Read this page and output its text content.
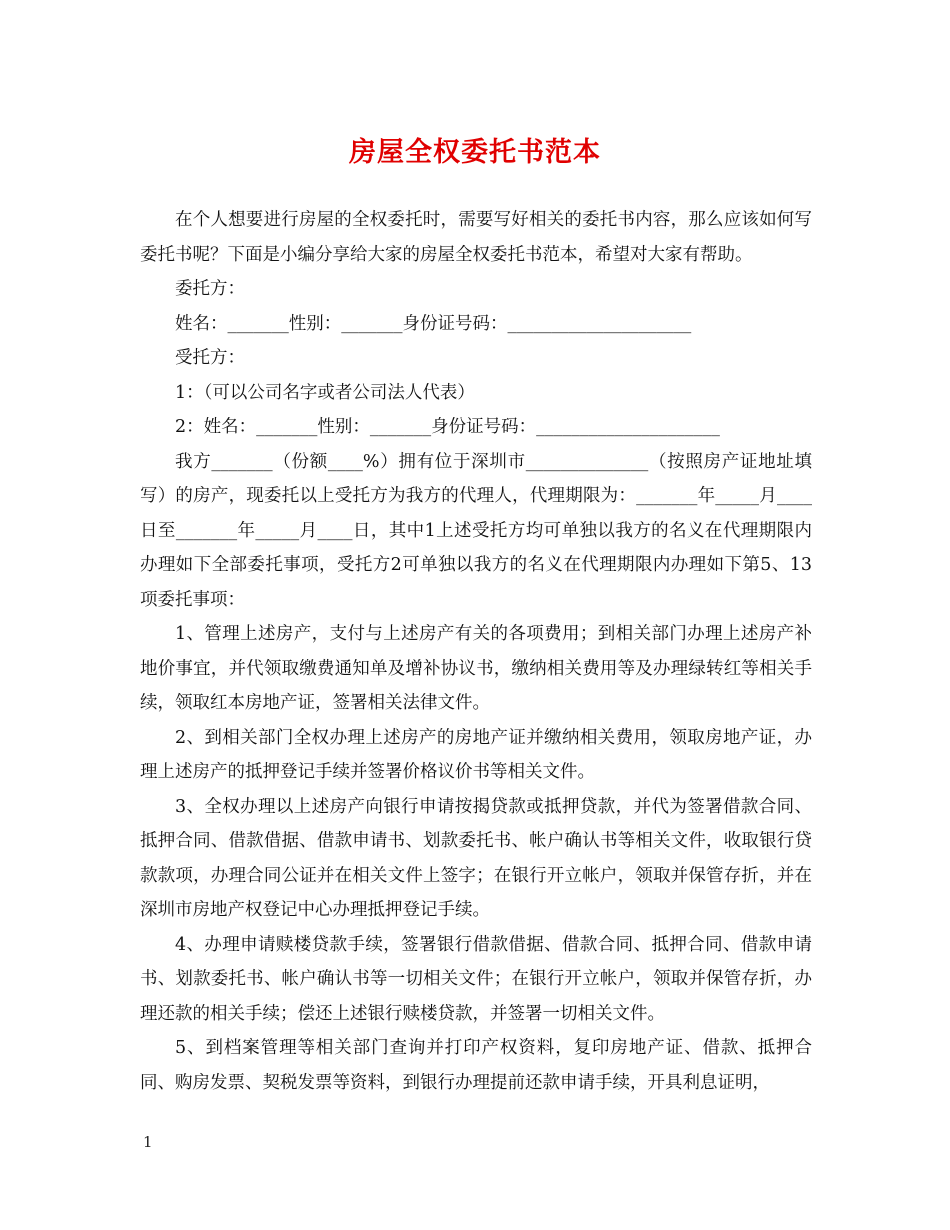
房屋全权委托书范本

在个人想要进行房屋的全权委托时，需要写好相关的委托书内容，那么应该如何写委托书呢？下面是小编分享给大家的房屋全权委托书范本，希望对大家有帮助。

委托方：

姓名：_______性别：_______身份证号码：_____________________

受托方：

1：（可以公司名字或者公司法人代表）

2：姓名：_______性别：_______身份证号码：_____________________

我方_______（份额____%）拥有位于深圳市______________（按照房产证地址填写）的房产，现委托以上受托方为我方的代理人，代理期限为：_______年_____月____日至_______年_____月____日，其中1上述受托方均可单独以我方的名义在代理期限内办理如下全部委托事项，受托方2可单独以我方的名义在代理期限内办理如下第5、13项委托事项：

1、管理上述房产，支付与上述房产有关的各项费用；到相关部门办理上述房产补地价事宜，并代领取缴费通知单及增补协议书，缴纳相关费用等及办理绿转红等相关手续，领取红本房地产证，签署相关法律文件。

2、到相关部门全权办理上述房产的房地产证并缴纳相关费用，领取房地产证，办理上述房产的抵押登记手续并签署价格议价书等相关文件。

3、全权办理以上述房产向银行申请按揭贷款或抵押贷款，并代为签署借款合同、抵押合同、借款借据、借款申请书、划款委托书、帐户确认书等相关文件，收取银行贷款款项，办理合同公证并在相关文件上签字；在银行开立帐户，领取并保管存折，并在深圳市房地产权登记中心办理抵押登记手续。

4、办理申请赎楼贷款手续，签署银行借款借据、借款合同、抵押合同、借款申请书、划款委托书、帐户确认书等一切相关文件；在银行开立帐户，领取并保管存折，办理还款的相关手续；偿还上述银行赎楼贷款，并签署一切相关文件。

5、到档案管理等相关部门查询并打印产权资料，复印房地产证、借款、抵押合同、购房发票、契税发票等资料，到银行办理提前还款申请手续，开具利息证明，

1
